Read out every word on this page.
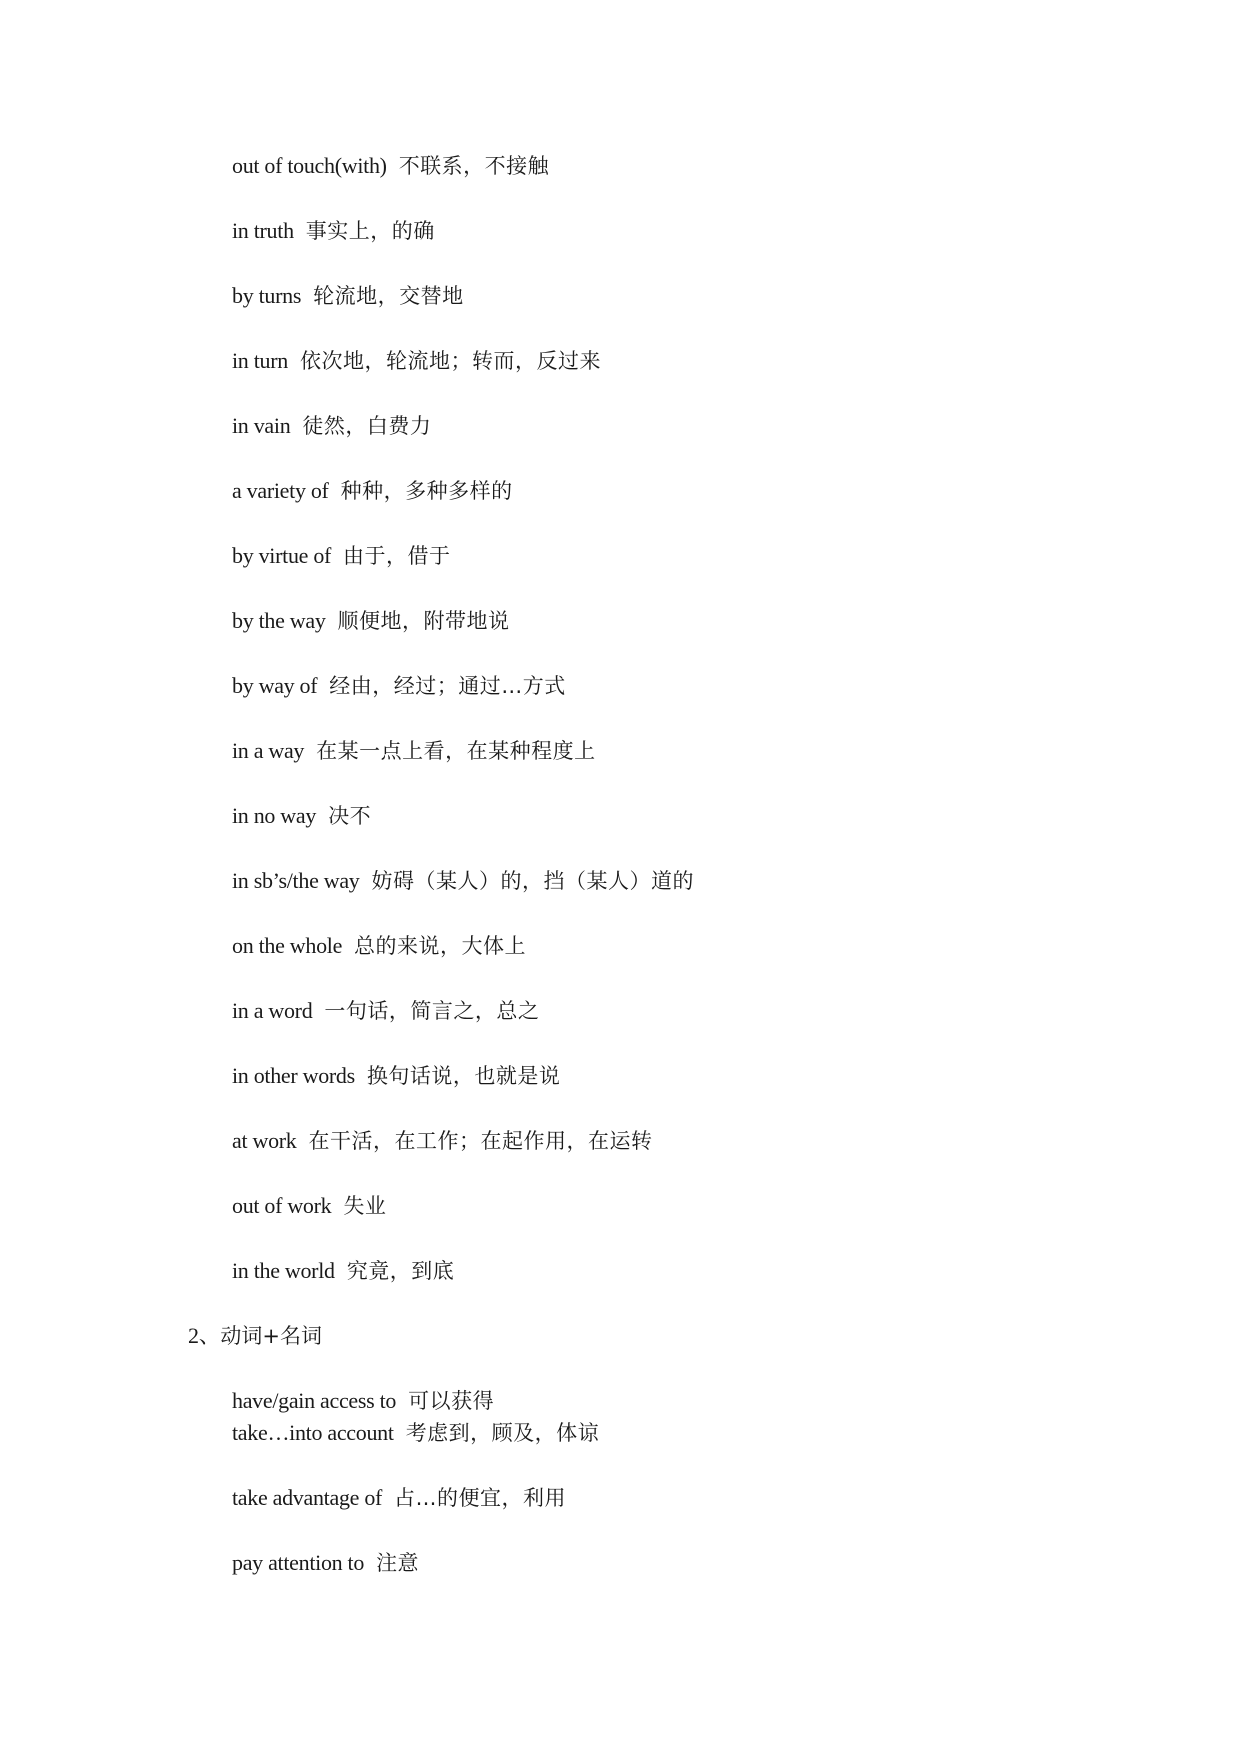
out of touch(with) 不联系，不接触
in truth 事实上，的确
by turns 轮流地，交替地
in turn 依次地，轮流地；转而，反过来
in vain 徒然，白费力
a variety of 种种，多种多样的
by virtue of 由于，借于
by the way 顺便地，附带地说
by way of 经由，经过；通过…方式
in a way 在某一点上看，在某种程度上
in no way 决不
in sb’s/the way 妨碍（某人）的，挡（某人）道的
on the whole 总的来说，大体上
in a word 一句话，简言之，总之
in other words 换句话说，也就是说
at work 在干活，在工作；在起作用，在运转
out of work 失业
in the world 究竟，到底
2、动词+名词
have/gain access to 可以获得
take…into account 考虑到，顾及，体谅
take advantage of 占…的便宜，利用
pay attention to 注意
